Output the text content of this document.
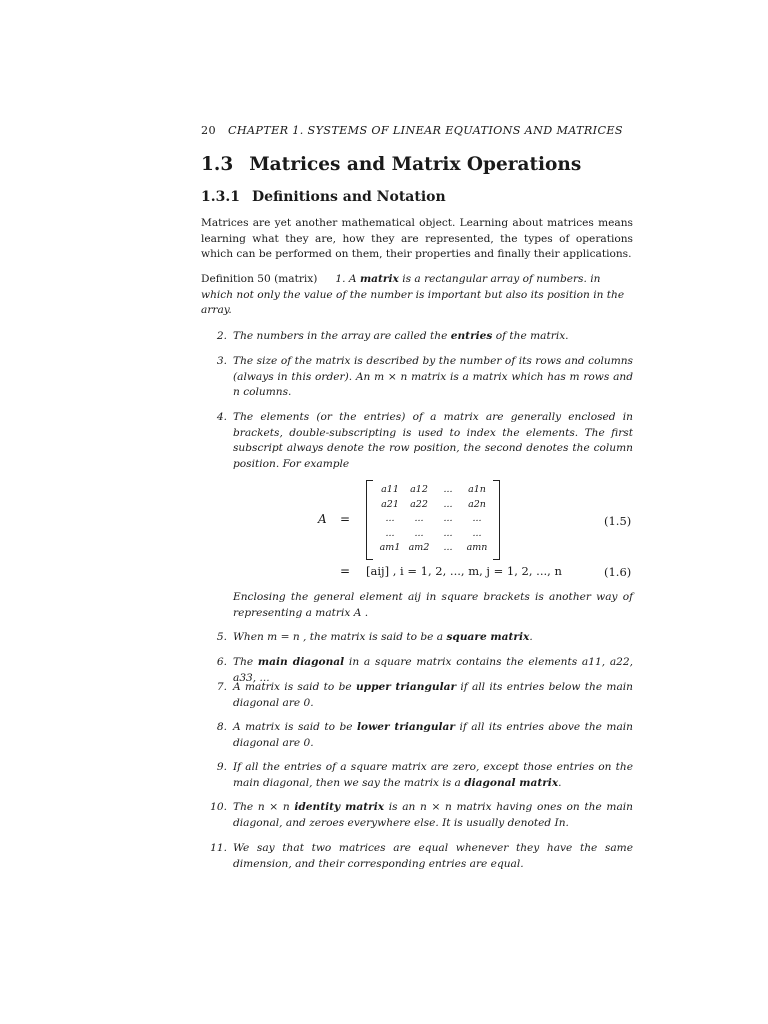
20 CHAPTER 1. SYSTEMS OF LINEAR EQUATIONS AND MATRICES
1.3 Matrices and Matrix Operations
1.3.1 Definitions and Notation
Matrices are yet another mathematical object. Learning about matrices means learning what they are, how they are represented, the types of operations which can be performed on them, their properties and finally their applications.
Definition 50 (matrix) 1. A matrix is a rectangular array of numbers. in which not only the value of the number is important but also its position in the array.
2. The numbers in the array are called the entries of the matrix.
3. The size of the matrix is described by the number of its rows and columns (always in this order). An m × n matrix is a matrix which has m rows and n columns.
4. The elements (or the entries) of a matrix are generally enclosed in brackets, double-subscripting is used to index the elements. The first subscript always denote the row position, the second denotes the column position. For example
A =
a11	a12	...	a1n
a21	a22	...	a2n
...	...	...	...
...	...	...	...
am1 am2	...	amn
(1.5)
= [aij] , i = 1, 2, ..., m, j = 1, 2, ..., n	(1.6)
Enclosing the general element aij in square brackets is another way of representing a matrix A .
5. When m = n , the matrix is said to be a square matrix.
6. The main diagonal in a square matrix contains the elements a11, a22, a33, ...
7. A matrix is said to be upper triangular if all its entries below the main diagonal are 0.
8. A matrix is said to be lower triangular if all its entries above the main diagonal are 0.
9. If all the entries of a square matrix are zero, except those entries on the main diagonal, then we say the matrix is a diagonal matrix.
10. The n × n identity matrix is an n × n matrix having ones on the main diagonal, and zeroes everywhere else. It is usually denoted In.
11. We say that two matrices are equal whenever they have the same dimension, and their corresponding entries are equal.
